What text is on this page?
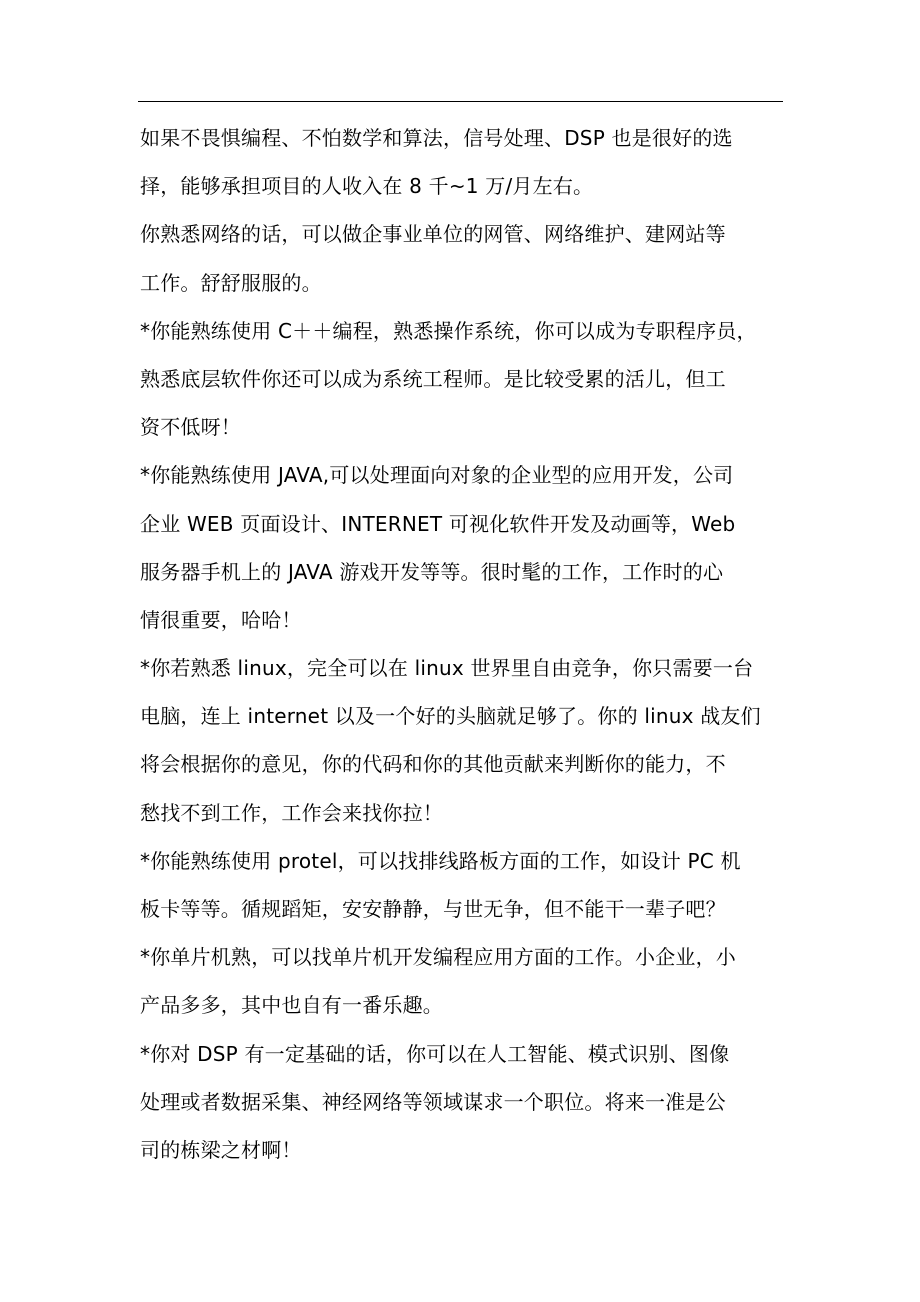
如果不畏惧编程、不怕数学和算法，信号处理、DSP 也是很好的选
择，能够承担项目的人收入在 8 千~1 万/月左右。
你熟悉网络的话，可以做企事业单位的网管、网络维护、建网站等
工作。舒舒服服的。
*你能熟练使用 C＋＋编程，熟悉操作系统，你可以成为专职程序员，
熟悉底层软件你还可以成为系统工程师。是比较受累的活儿，但工
资不低呀！
*你能熟练使用 JAVA,可以处理面向对象的企业型的应用开发，公司
企业 WEB 页面设计、INTERNET 可视化软件开发及动画等，Web
服务器手机上的 JAVA 游戏开发等等。很时髦的工作，工作时的心
情很重要，哈哈！
*你若熟悉 linux，完全可以在 linux 世界里自由竞争，你只需要一台
电脑，连上 internet 以及一个好的头脑就足够了。你的 linux 战友们
将会根据你的意见，你的代码和你的其他贡献来判断你的能力，不
愁找不到工作，工作会来找你拉！
*你能熟练使用 protel，可以找排线路板方面的工作，如设计 PC 机
板卡等等。循规蹈矩，安安静静，与世无争，但不能干一辈子吧？
*你单片机熟，可以找单片机开发编程应用方面的工作。小企业，小
产品多多，其中也自有一番乐趣。
*你对 DSP 有一定基础的话，你可以在人工智能、模式识别、图像
处理或者数据采集、神经网络等领域谋求一个职位。将来一准是公
司的栋梁之材啊！
